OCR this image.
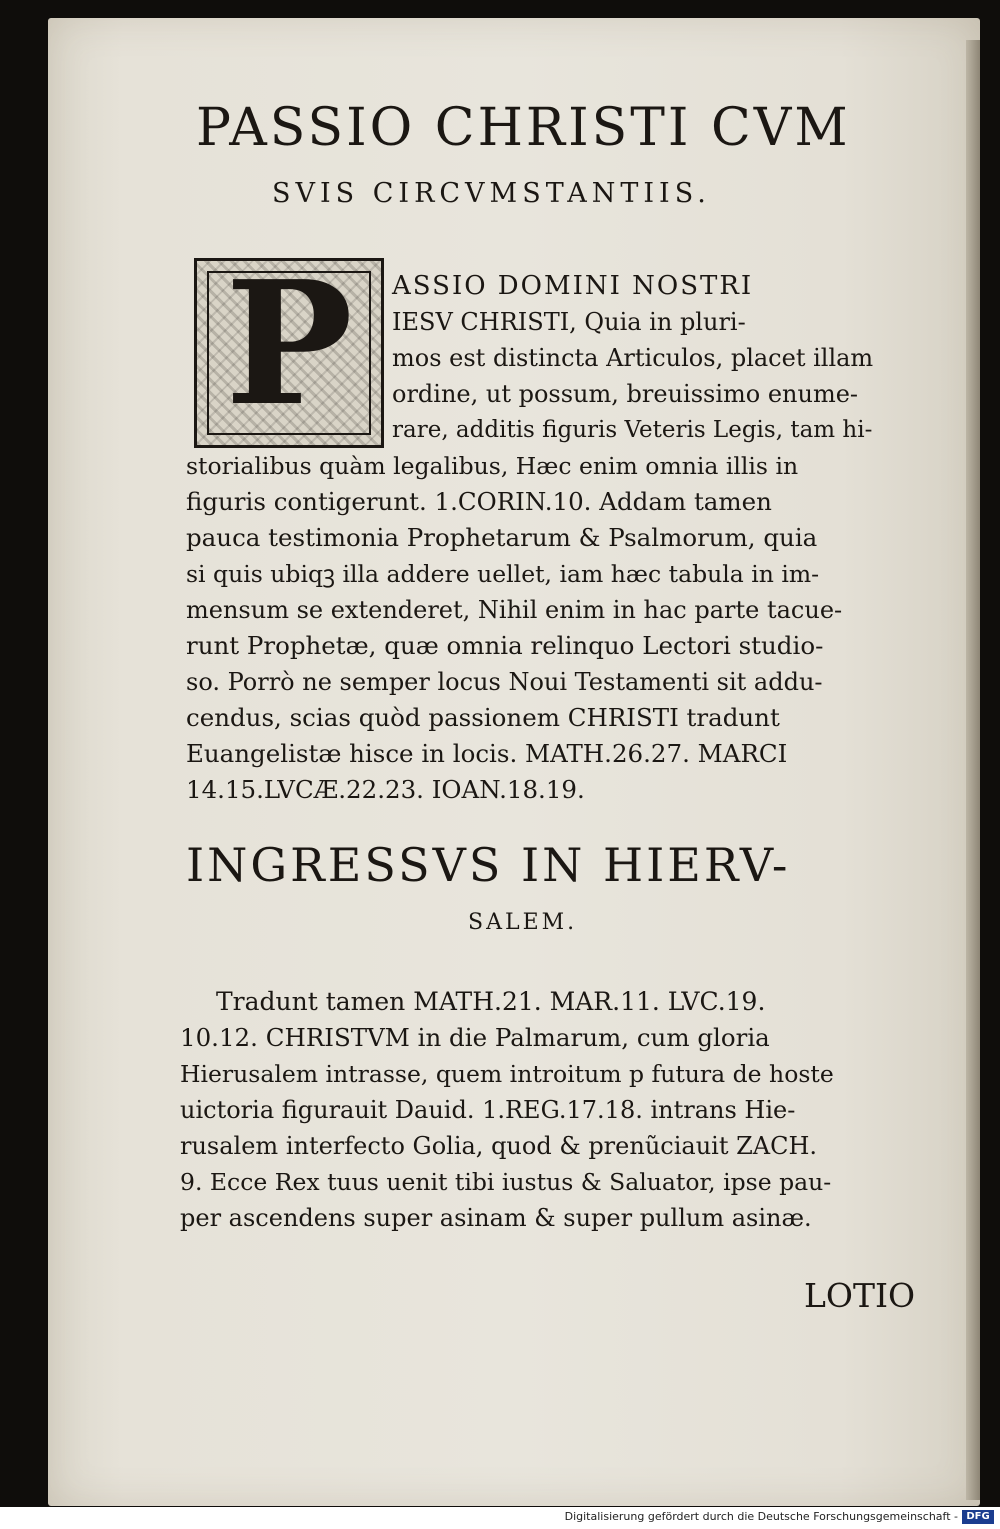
PASSIO CHRISTI CVM
SVIS CIRCVMSTANTIIS.
P	ASSIO DOMINI NOSTRI
IESV CHRISTI, Quia in pluri-
mos est distincta Articulos, placet illam
ordine, ut possum, breuissimo enume-
rare, additis figuris Veteris Legis, tam hi-
storialibus quàm legalibus, Hæc enim omnia illis in
figuris contigerunt. 1.CORIN.10. Addam tamen
pauca testimonia Prophetarum & Psalmorum, quia
si quis ubiqꝫ illa addere uellet, iam hæc tabula in im-
mensum se extenderet, Nihil enim in hac parte tacue-
runt Prophetæ, quæ omnia relinquo Lectori studio-
so. Porrò ne semper locus Noui Testamenti sit addu-
cendus, scias quòd passionem CHRISTI tradunt
Euangelistæ hisce in locis. MATH.26.27. MARCI
14.15.LVCÆ.22.23. IOAN.18.19.
INGRESSVS IN HIERV-
SALEM.
Tradunt tamen MATH.21. MAR.11. LVC.19.
10.12. CHRISTVM in die Palmarum, cum gloria
Hierusalem intrasse, quem introitum p futura de hoste
uictoria figurauit Dauid. 1.REG.17.18. intrans Hie-
rusalem interfecto Golia, quod & prenũciauit ZACH.
9. Ecce Rex tuus uenit tibi iustus & Saluator, ipse pau-
per ascendens super asinam & super pullum asinæ.
LOTIO
Digitalisierung gefördert durch die Deutsche Forschungsgemeinschaft - DFG
